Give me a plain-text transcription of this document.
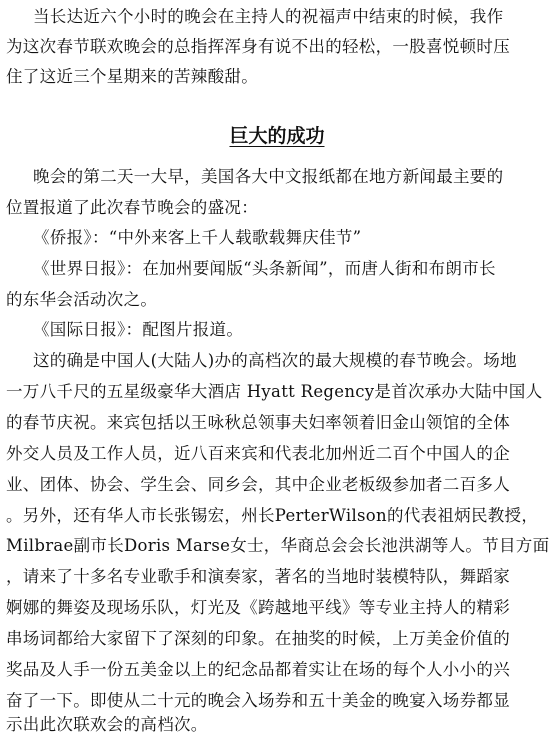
当长达近六个小时的晚会在主持人的祝福声中结束的时候，我作
为这次春节联欢晚会的总指挥浑身有说不出的轻松，一股喜悦顿时压
住了这近三个星期来的苦辣酸甜。
巨大的成功
晚会的第二天一大早，美国各大中文报纸都在地方新闻最主要的
位置报道了此次春节晚会的盛况：
《侨报》：“中外来客上千人载歌载舞庆佳节”
《世界日报》：在加州要闻版“头条新闻”，而唐人街和布朗市长
的东华会活动次之。
《国际日报》：配图片报道。
这的确是中国人(大陆人)办的高档次的最大规模的春节晚会。场地
一万八千尺的五星级豪华大酒店 Hyatt Regency是首次承办大陆中国人
的春节庆祝。来宾包括以王咏秋总领事夫妇率领着旧金山领馆的全体
外交人员及工作人员，近八百来宾和代表北加州近二百个中国人的企
业、团体、协会、学生会、同乡会，其中企业老板级参加者二百多人
。另外，还有华人市长张锡宏，州长PerterWilson的代表祖炳民教授，
Milbrae副市长Doris Marse女士，华商总会会长池洪湖等人。节目方面
，请来了十多名专业歌手和演奏家，著名的当地时装模特队，舞蹈家
婀娜的舞姿及现场乐队，灯光及《跨越地平线》等专业主持人的精彩
串场词都给大家留下了深刻的印象。在抽奖的时候，上万美金价值的
奖品及人手一份五美金以上的纪念品都着实让在场的每个人小小的兴
奋了一下。即使从二十元的晚会入场券和五十美金的晚宴入场券都显
示出此次联欢会的高档次。
